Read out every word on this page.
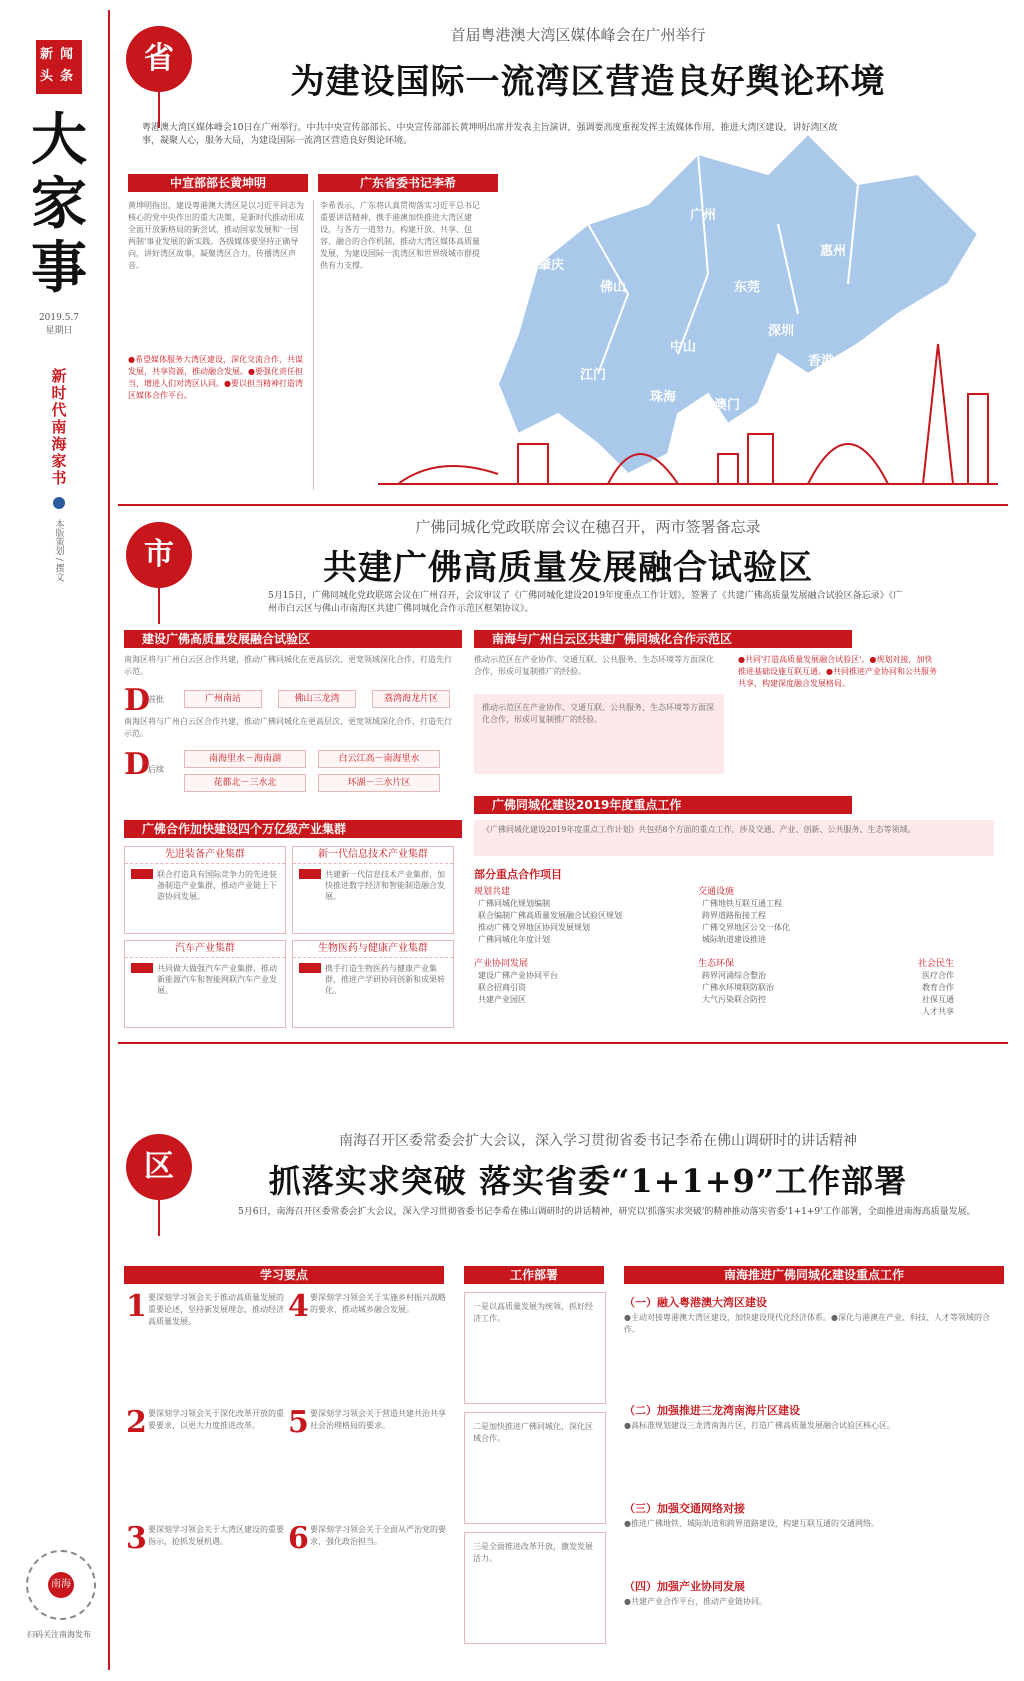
新 闻
头 条
大
家
事
2019.5.7
星期日
新时代南海家书
本版策划 / 撰文
南海
扫码关注南海发布
省
首届粤港澳大湾区媒体峰会在广州举行
为建设国际一流湾区营造良好舆论环境
粤港澳大湾区媒体峰会10日在广州举行。中共中央宣传部部长、中央宣传部部长黄坤明出席并发表主旨演讲，强调要高度重视发挥主流媒体作用，推进大湾区建设，讲好湾区故事，凝聚人心，服务大局，为建设国际一流湾区营造良好舆论环境。
中宣部部长黄坤明	广东省委书记李希
黄坤明指出，建设粤港澳大湾区是以习近平同志为核心的党中央作出的重大决策，是新时代推动形成全面开放新格局的新尝试，推动国家发展和'一国两制'事业发展的新实践。各级媒体要坚持正确导向，讲好湾区故事，凝聚湾区合力，传播湾区声音。
●希望媒体服务大湾区建设，深化交流合作，共谋发展，共享资源，推动融合发展。●要强化责任担当，增进人们对湾区认同。●要以担当精神打造湾区媒体合作平台。
李希表示，广东将认真贯彻落实习近平总书记重要讲话精神，携手港澳加快推进大湾区建设，与各方一道努力，构建开放、共享、包容、融合的合作机制，推动大湾区媒体高质量发展，为建设国际一流湾区和世界级城市群提供有力支撑。
广州
肇庆
佛山	东莞
惠州
深圳
中山
江门
珠海
澳门
香港
市
广佛同城化党政联席会议在穗召开，两市签署备忘录
共建广佛高质量发展融合试验区
5月15日，广佛同城化党政联席会议在广州召开，会议审议了《广佛同城化建设2019年度重点工作计划》，签署了《共建广佛高质量发展融合试验区备忘录》《广州市白云区与佛山市南海区共建广佛同城化合作示范区框架协议》。
建设广佛高质量发展融合试验区
南海区将与广州白云区合作共建，推动广佛同城化在更高层次、更宽领域深化合作，打造先行示范。
D
首批	广州南站	佛山三龙湾	荔湾海龙片区
南海区将与广州白云区合作共建，推动广佛同城化在更高层次、更宽领域深化合作，打造先行示范。
D
后续
南海里水－海南湖	白云江高－南海里水
花都北－三水北	环湖－三水片区
广佛合作加快建设四个万亿级产业集群
先进装备产业集群
联合打造具有国际竞争力的先进装备制造产业集群，推动产业链上下游协同发展。
新一代信息技术产业集群
共建新一代信息技术产业集群，加快推进数字经济和智能制造融合发展。
汽车产业集群
共同做大做强汽车产业集群，推动新能源汽车和智能网联汽车产业发展。
生物医药与健康产业集群
携手打造生物医药与健康产业集群，推进产学研协同创新和成果转化。
南海与广州白云区共建广佛同城化合作示范区
推动示范区在产业协作、交通互联、公共服务、生态环境等方面深化合作，形成可复制推广的经验。
推动示范区在产业协作、交通互联、公共服务、生态环境等方面深化合作，形成可复制推广的经验。
●共同'打造高质量发展融合试验区'。●规划对接，加快推进基础设施互联互通。●共同推进产业协同和公共服务共享，构建深度融合发展格局。
广佛同城化建设2019年度重点工作
《广佛同城化建设2019年度重点工作计划》共包括8个方面的重点工作，涉及交通、产业、创新、公共服务、生态等领域。
部分重点合作项目
规划共建
广佛同城化规划编制
联合编制广佛高质量发展融合试验区规划
推动广佛交界地区协同发展规划
广佛同城化年度计划
交通设施
广佛地铁互联互通工程
跨界道路衔接工程
广佛交界地区公交一体化
城际轨道建设推进
产业协同发展
建设广佛产业协同平台
联合招商引资
共建产业园区
生态环保
跨界河涌综合整治
广佛水环境联防联治
大气污染联合防控
社会民生
医疗合作
教育合作
社保互通
人才共享
区
南海召开区委常委会扩大会议，深入学习贯彻省委书记李希在佛山调研时的讲话精神
抓落实求突破 落实省委“1+1+9”工作部署
5月6日，南海召开区委常委会扩大会议，深入学习贯彻省委书记李希在佛山调研时的讲话精神，研究以'抓落实求突破'的精神推动落实省委'1+1+9'工作部署，全面推进南海高质量发展。
学习要点	工作部署	南海推进广佛同城化建设重点工作
1 要深刻学习领会关于推动高质量发展的重要论述，坚持新发展理念，推动经济高质量发展。
2 要深刻学习领会关于深化改革开放的重要要求，以更大力度推进改革。
3 要深刻学习领会关于大湾区建设的重要指示，抢抓发展机遇。
4 要深刻学习领会关于实施乡村振兴战略的要求，推动城乡融合发展。
5 要深刻学习领会关于营造共建共治共享社会治理格局的要求。
6 要深刻学习领会关于全面从严治党的要求，强化政治担当。
一是以高质量发展为统领，抓好经济工作。
二是加快推进广佛同城化，深化区域合作。
三是全面推进改革开放，激发发展活力。
（一）融入粤港澳大湾区建设
●主动对接粤港澳大湾区建设，加快建设现代化经济体系。●深化与港澳在产业、科技、人才等领域的合作。
（二）加强推进三龙湾南海片区建设
●高标准规划建设三龙湾南海片区，打造广佛高质量发展融合试验区核心区。
（三）加强交通网络对接
●推进广佛地铁、城际轨道和跨界道路建设，构建互联互通的交通网络。
（四）加强产业协同发展
●共建产业合作平台，推动产业链协同。
